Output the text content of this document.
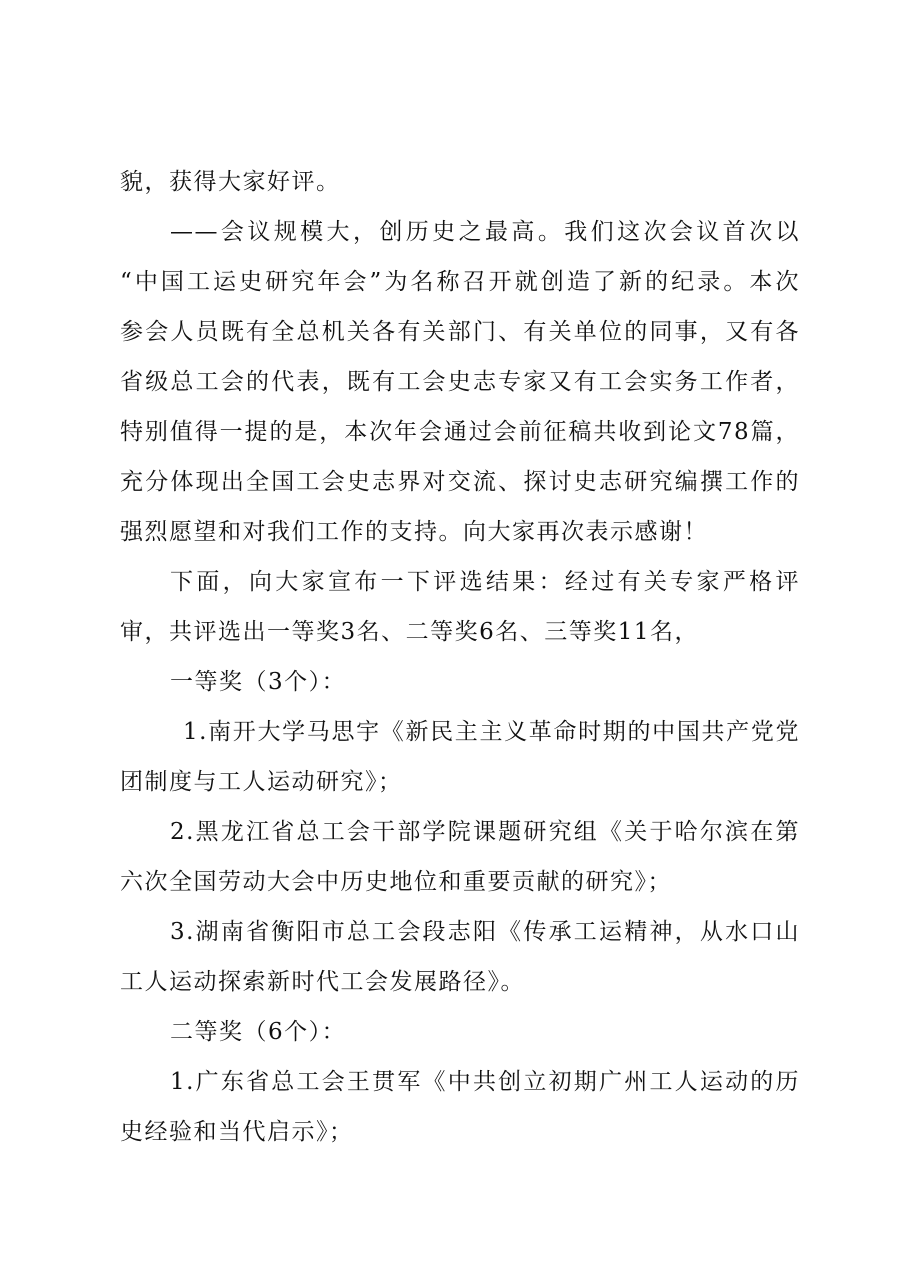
貌，获得大家好评。
——会议规模大，创历史之最高。我们这次会议首次以
“中国工运史研究年会”为名称召开就创造了新的纪录。本次
参会人员既有全总机关各有关部门、有关单位的同事，又有各
省级总工会的代表，既有工会史志专家又有工会实务工作者，
特别值得一提的是，本次年会通过会前征稿共收到论文78篇，
充分体现出全国工会史志界对交流、探讨史志研究编撰工作的
强烈愿望和对我们工作的支持。向大家再次表示感谢！
下面，向大家宣布一下评选结果：经过有关专家严格评
审，共评选出一等奖3名、二等奖6名、三等奖11名，
一等奖（3个）：
1.南开大学马思宇《新民主主义革命时期的中国共产党党
团制度与工人运动研究》；
2.黑龙江省总工会干部学院课题研究组《关于哈尔滨在第
六次全国劳动大会中历史地位和重要贡献的研究》；
3.湖南省衡阳市总工会段志阳《传承工运精神，从水口山
工人运动探索新时代工会发展路径》。
二等奖（6个）：
1.广东省总工会王贯军《中共创立初期广州工人运动的历
史经验和当代启示》；
